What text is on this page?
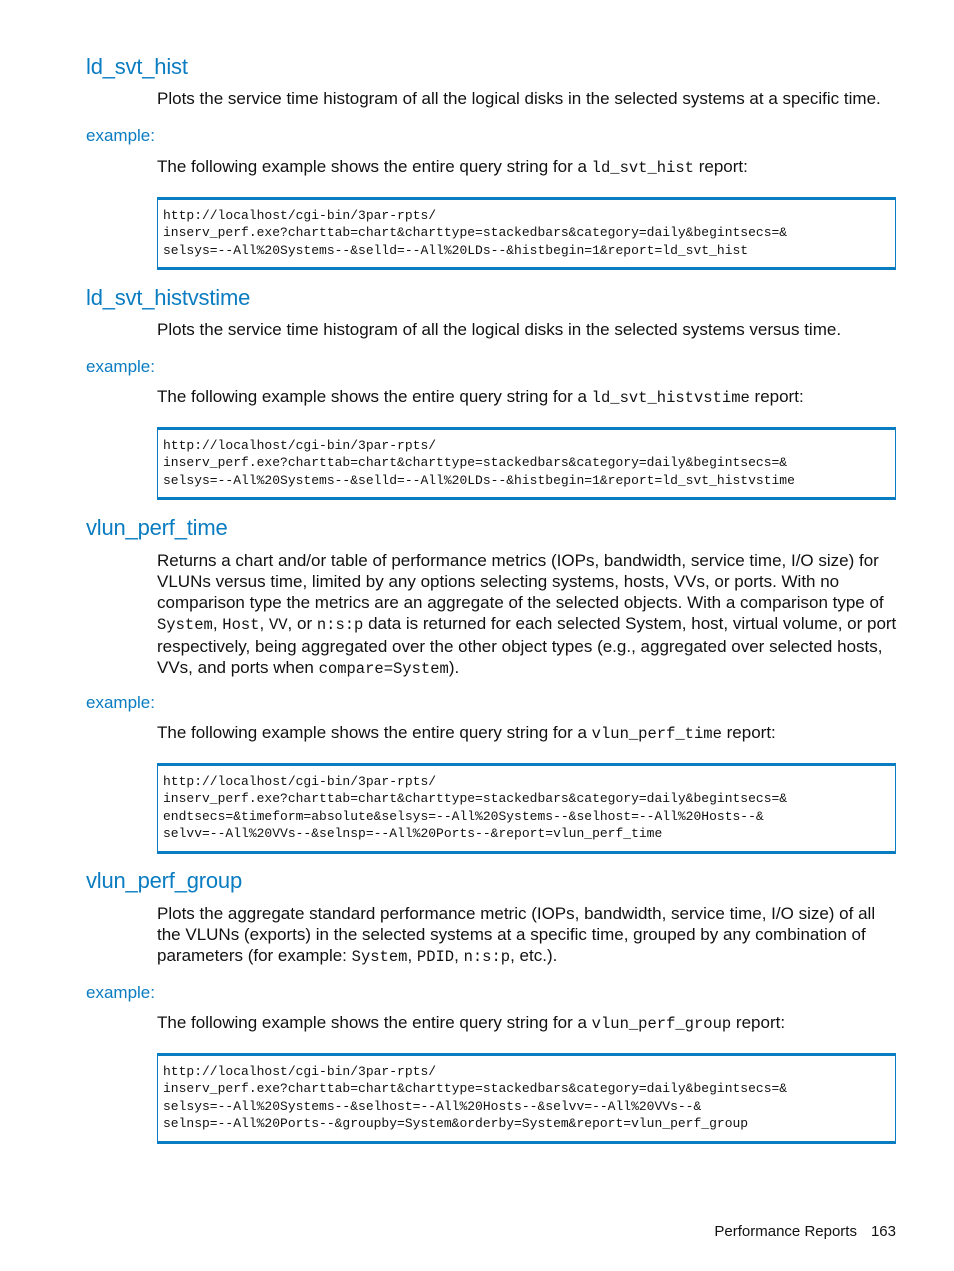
ld_svt_hist

Plots the service time histogram of all the logical disks in the selected systems at a specific time.

example:

The following example shows the entire query string for a ld_svt_hist report:

http://localhost/cgi-bin/3par-rpts/
inserv_perf.exe?charttab=chart&charttype=stackedbars&category=daily&begintsecs=&
selsys=--All%20Systems--&selld=--All%20LDs--&histbegin=1&report=ld_svt_hist
ld_svt_histvstime

Plots the service time histogram of all the logical disks in the selected systems versus time.

example:

The following example shows the entire query string for a ld_svt_histvstime report:

http://localhost/cgi-bin/3par-rpts/
inserv_perf.exe?charttab=chart&charttype=stackedbars&category=daily&begintsecs=&
selsys=--All%20Systems--&selld=--All%20LDs--&histbegin=1&report=ld_svt_histvstime
vlun_perf_time

Returns a chart and/or table of performance metrics (IOPs, bandwidth, service time, I/O size) for VLUNs versus time, limited by any options selecting systems, hosts, VVs, or ports. With no comparison type the metrics are an aggregate of the selected objects. With a comparison type of System, Host, VV, or n:s:p data is returned for each selected System, host, virtual volume, or port respectively, being aggregated over the other object types (e.g., aggregated over selected hosts, VVs, and ports when compare=System).

example:

The following example shows the entire query string for a vlun_perf_time report:

http://localhost/cgi-bin/3par-rpts/
inserv_perf.exe?charttab=chart&charttype=stackedbars&category=daily&begintsecs=&
endtsecs=&timeform=absolute&selsys=--All%20Systems--&selhost=--All%20Hosts--&
selvv=--All%20VVs--&selnsp=--All%20Ports--&report=vlun_perf_time
vlun_perf_group

Plots the aggregate standard performance metric (IOPs, bandwidth, service time, I/O size) of all the VLUNs (exports) in the selected systems at a specific time, grouped by any combination of parameters (for example: System, PDID, n:s:p, etc.).

example:

The following example shows the entire query string for a vlun_perf_group report:

http://localhost/cgi-bin/3par-rpts/
inserv_perf.exe?charttab=chart&charttype=stackedbars&category=daily&begintsecs=&
selsys=--All%20Systems--&selhost=--All%20Hosts--&selvv=--All%20VVs--&
selnsp=--All%20Ports--&groupby=System&orderby=System&report=vlun_perf_group
Performance Reports 163
